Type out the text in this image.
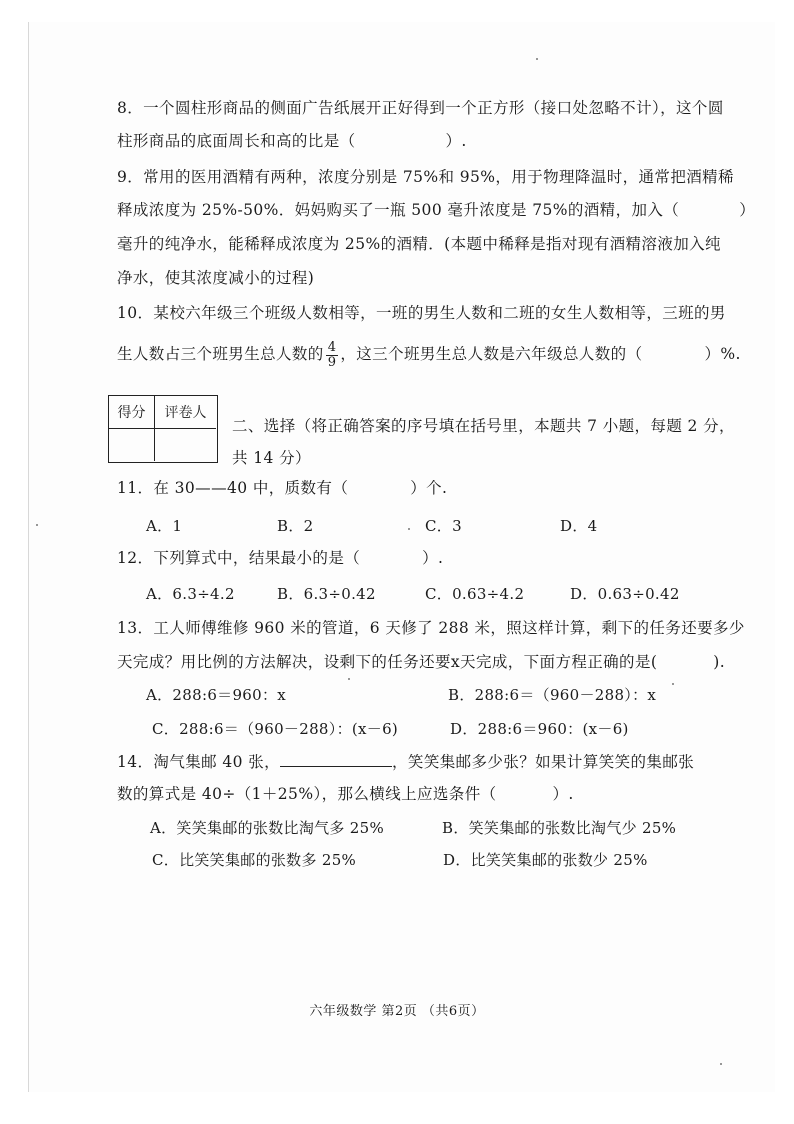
8．一个圆柱形商品的侧面广告纸展开正好得到一个正方形（接口处忽略不计），这个圆
柱形商品的底面周长和高的比是（	）.
9．常用的医用酒精有两种，浓度分别是 75%和 95%，用于物理降温时，通常把酒精稀
释成浓度为 25%-50%．妈妈购买了一瓶 500 毫升浓度是 75%的酒精，加入（	）
毫升的纯净水，能稀释成浓度为 25%的酒精．(本题中稀释是指对现有酒精溶液加入纯
净水，使其浓度减小的过程)
10．某校六年级三个班级人数相等，一班的男生人数和二班的女生人数相等，三班的男
生人数占三个班男生总人数的 $\frac{4}{9}$ ，这三个班男生总人数是六年级总人数的（	）%.
得分	评卷人
二、选择（将正确答案的序号填在括号里，本题共 7 小题，每题 2 分，
共 14 分）
11．在 30——40 中，质数有（	）个.
A．1	B．2	C．3	D．4
12．下列算式中，结果最小的是（	）.
A．6.3÷4.2	B．6.3÷0.42	C．0.63÷4.2	D．0.63÷0.42
13．工人师傅维修 960 米的管道，6 天修了 288 米，照这样计算，剩下的任务还要多少
天完成？用比例的方法解决，设剩下的任务还要x天完成，下面方程正确的是(	).
A．288:6＝960：x	B．288:6＝（960－288）：x
C．288:6＝（960－288）：(x－6)	D．288:6＝960：(x－6)
14．淘气集邮 40 张，	，笑笑集邮多少张？如果计算笑笑的集邮张
数的算式是 40÷（1＋25%），那么横线上应选条件（	）.
A．笑笑集邮的张数比淘气多 25%	B．笑笑集邮的张数比淘气少 25%
C．比笑笑集邮的张数多 25%	D．比笑笑集邮的张数少 25%
六年级数学 第2页 （共6页）
